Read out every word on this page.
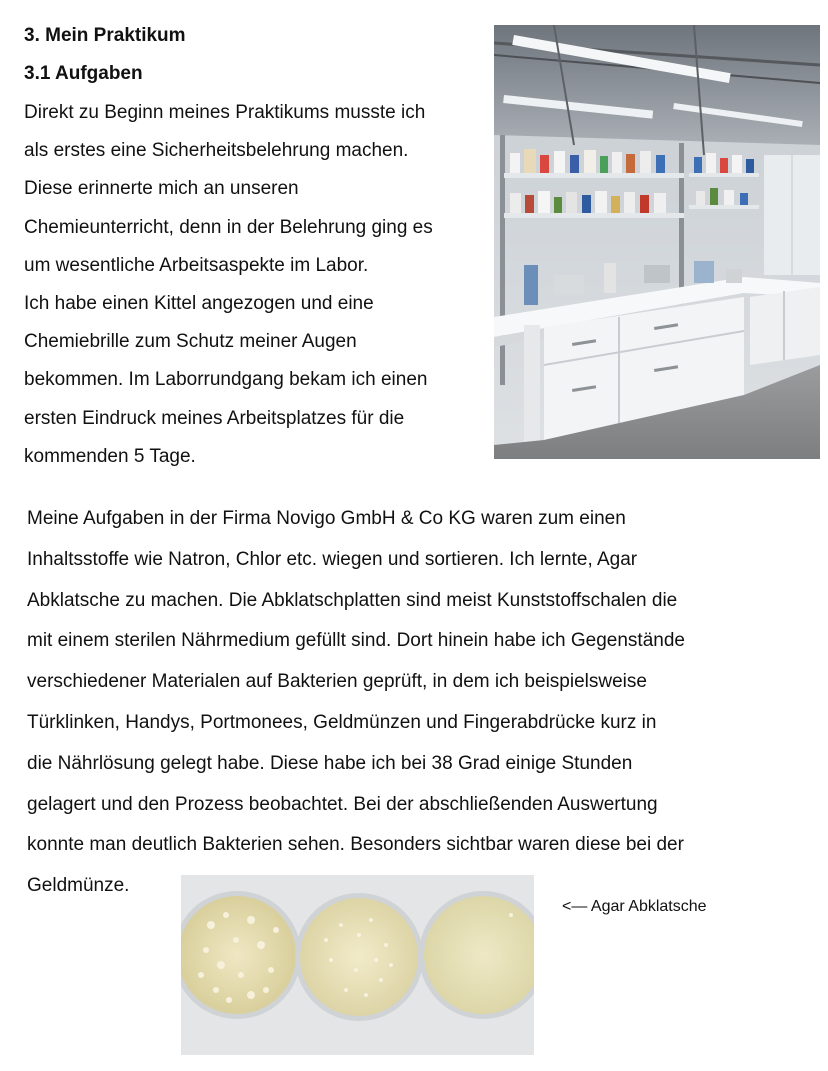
3. Mein Praktikum
3.1 Aufgaben
Direkt zu Beginn meines Praktikums musste ich
als erstes eine Sicherheitsbelehrung machen.
Diese erinnerte mich an unseren
Chemieunterricht, denn in der Belehrung ging es
um wesentliche Arbeitsaspekte im Labor.
Ich habe einen Kittel angezogen und eine
Chemiebrille zum Schutz meiner Augen
bekommen. Im Laborrundgang bekam ich einen
ersten Eindruck meines Arbeitsplatzes für die
kommenden 5 Tage.
Meine Aufgaben in der Firma Novigo GmbH & Co KG waren zum einen
Inhaltsstoffe wie Natron, Chlor etc. wiegen und sortieren. Ich lernte, Agar
Abklatsche zu machen. Die Abklatschplatten sind meist Kunststoffschalen die
mit einem sterilen Nährmedium gefüllt sind. Dort hinein habe ich Gegenstände
verschiedener Materialen auf Bakterien geprüft, in dem ich beispielsweise
Türklinken, Handys, Portmonees, Geldmünzen und Fingerabdrücke kurz in
die Nährlösung gelegt habe. Diese habe ich bei 38 Grad einige Stunden
gelagert und den Prozess beobachtet. Bei der abschließenden Auswertung
konnte man deutlich Bakterien sehen. Besonders sichtbar waren diese bei der
Geldmünze.
<— Agar Abklatsche
